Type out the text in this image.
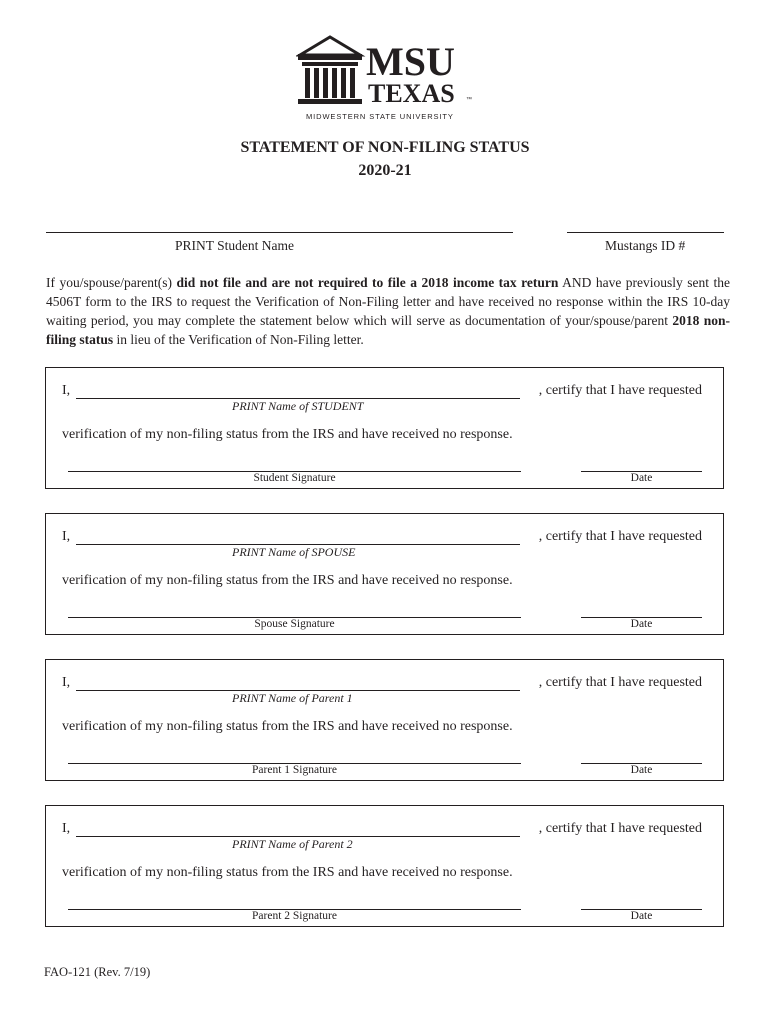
MSU
TEXAS ™
MIDWESTERN STATE UNIVERSITY
STATEMENT OF NON-FILING STATUS
2020-21
PRINT Student Name	Mustangs ID #
If you/spouse/parent(s) did not file and are not required to file a 2018 income tax return AND have previously sent the 4506T form to the IRS to request the Verification of Non-Filing letter and have received no response within the IRS 10-day waiting period, you may complete the statement below which will serve as documentation of your/spouse/parent 2018 non-filing status in lieu of the Verification of Non-Filing letter.
I,	, certify that I have requested
PRINT Name of STUDENT
verification of my non-filing status from the IRS and have received no response.
Student Signature	Date
I,	, certify that I have requested
PRINT Name of SPOUSE
verification of my non-filing status from the IRS and have received no response.
Spouse Signature	Date
I,	, certify that I have requested
PRINT Name of Parent 1
verification of my non-filing status from the IRS and have received no response.
Parent 1 Signature	Date
I,	, certify that I have requested
PRINT Name of Parent 2
verification of my non-filing status from the IRS and have received no response.
Parent 2 Signature	Date
FAO-121 (Rev. 7/19)
